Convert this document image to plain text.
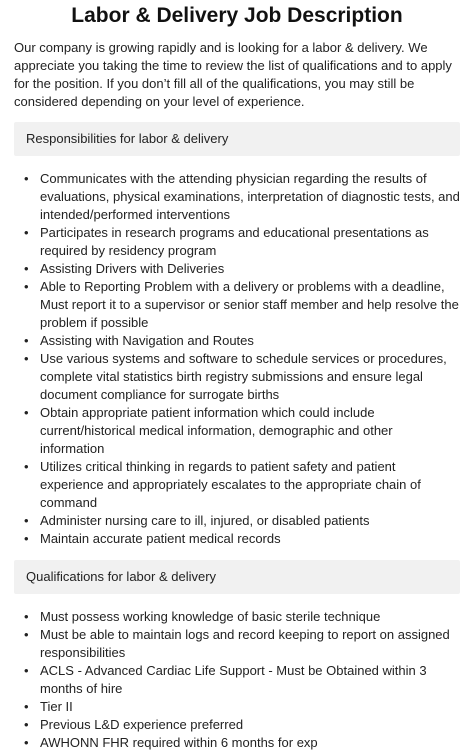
Labor & Delivery Job Description

Our company is growing rapidly and is looking for a labor & delivery. We appreciate you taking the time to review the list of qualifications and to apply for the position. If you don’t fill all of the qualifications, you may still be considered depending on your level of experience.

Responsibilities for labor & delivery
• Communicates with the attending physician regarding the results of evaluations, physical examinations, interpretation of diagnostic tests, and intended/performed interventions
• Participates in research programs and educational presentations as required by residency program
• Assisting Drivers with Deliveries
• Able to Reporting Problem with a delivery or problems with a deadline, Must report it to a supervisor or senior staff member and help resolve the problem if possible
• Assisting with Navigation and Routes
• Use various systems and software to schedule services or procedures, complete vital statistics birth registry submissions and ensure legal document compliance for surrogate births
• Obtain appropriate patient information which could include current/historical medical information, demographic and other information
• Utilizes critical thinking in regards to patient safety and patient experience and appropriately escalates to the appropriate chain of command
• Administer nursing care to ill, injured, or disabled patients
• Maintain accurate patient medical records
Qualifications for labor & delivery
• Must possess working knowledge of basic sterile technique
• Must be able to maintain logs and record keeping to report on assigned responsibilities
• ACLS - Advanced Cardiac Life Support - Must be Obtained within 3 months of hire
• Tier II
• Previous L&D experience preferred
• AWHONN FHR required within 6 months for exp
